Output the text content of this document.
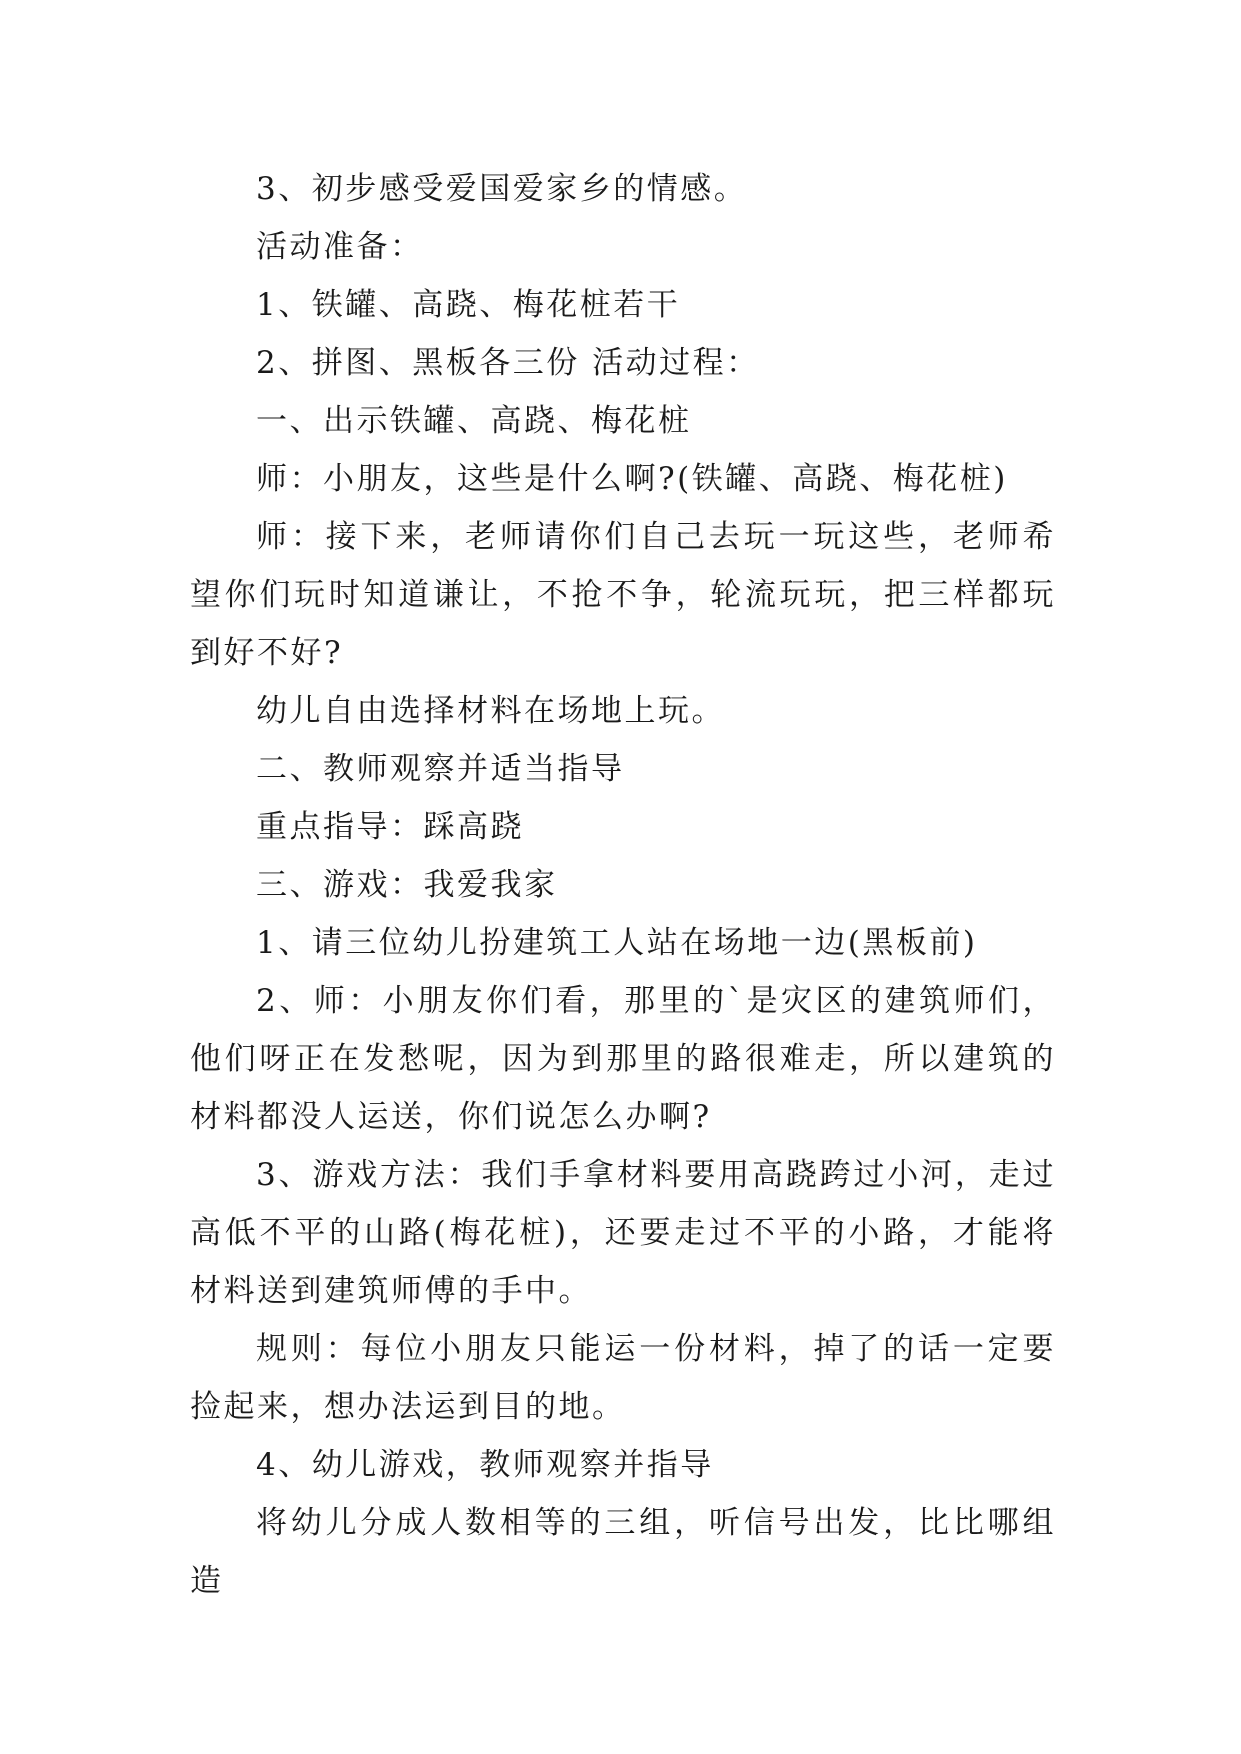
3、初步感受爱国爱家乡的情感。

活动准备：

1、铁罐、高跷、梅花桩若干

2、拼图、黑板各三份 活动过程：

一、出示铁罐、高跷、梅花桩

师：小朋友，这些是什么啊?(铁罐、高跷、梅花桩)

师：接下来，老师请你们自己去玩一玩这些，老师希望你们玩时知道谦让，不抢不争，轮流玩玩，把三样都玩到好不好?

幼儿自由选择材料在场地上玩。

二、教师观察并适当指导

重点指导：踩高跷

三、游戏：我爱我家

1、请三位幼儿扮建筑工人站在场地一边(黑板前)

2、师：小朋友你们看，那里的`是灾区的建筑师们，他们呀正在发愁呢，因为到那里的路很难走，所以建筑的材料都没人运送，你们说怎么办啊?

3、游戏方法：我们手拿材料要用高跷跨过小河，走过高低不平的山路(梅花桩)，还要走过不平的小路，才能将材料送到建筑师傅的手中。

规则：每位小朋友只能运一份材料，掉了的话一定要捡起来，想办法运到目的地。

4、幼儿游戏，教师观察并指导

将幼儿分成人数相等的三组，听信号出发，比比哪组造
